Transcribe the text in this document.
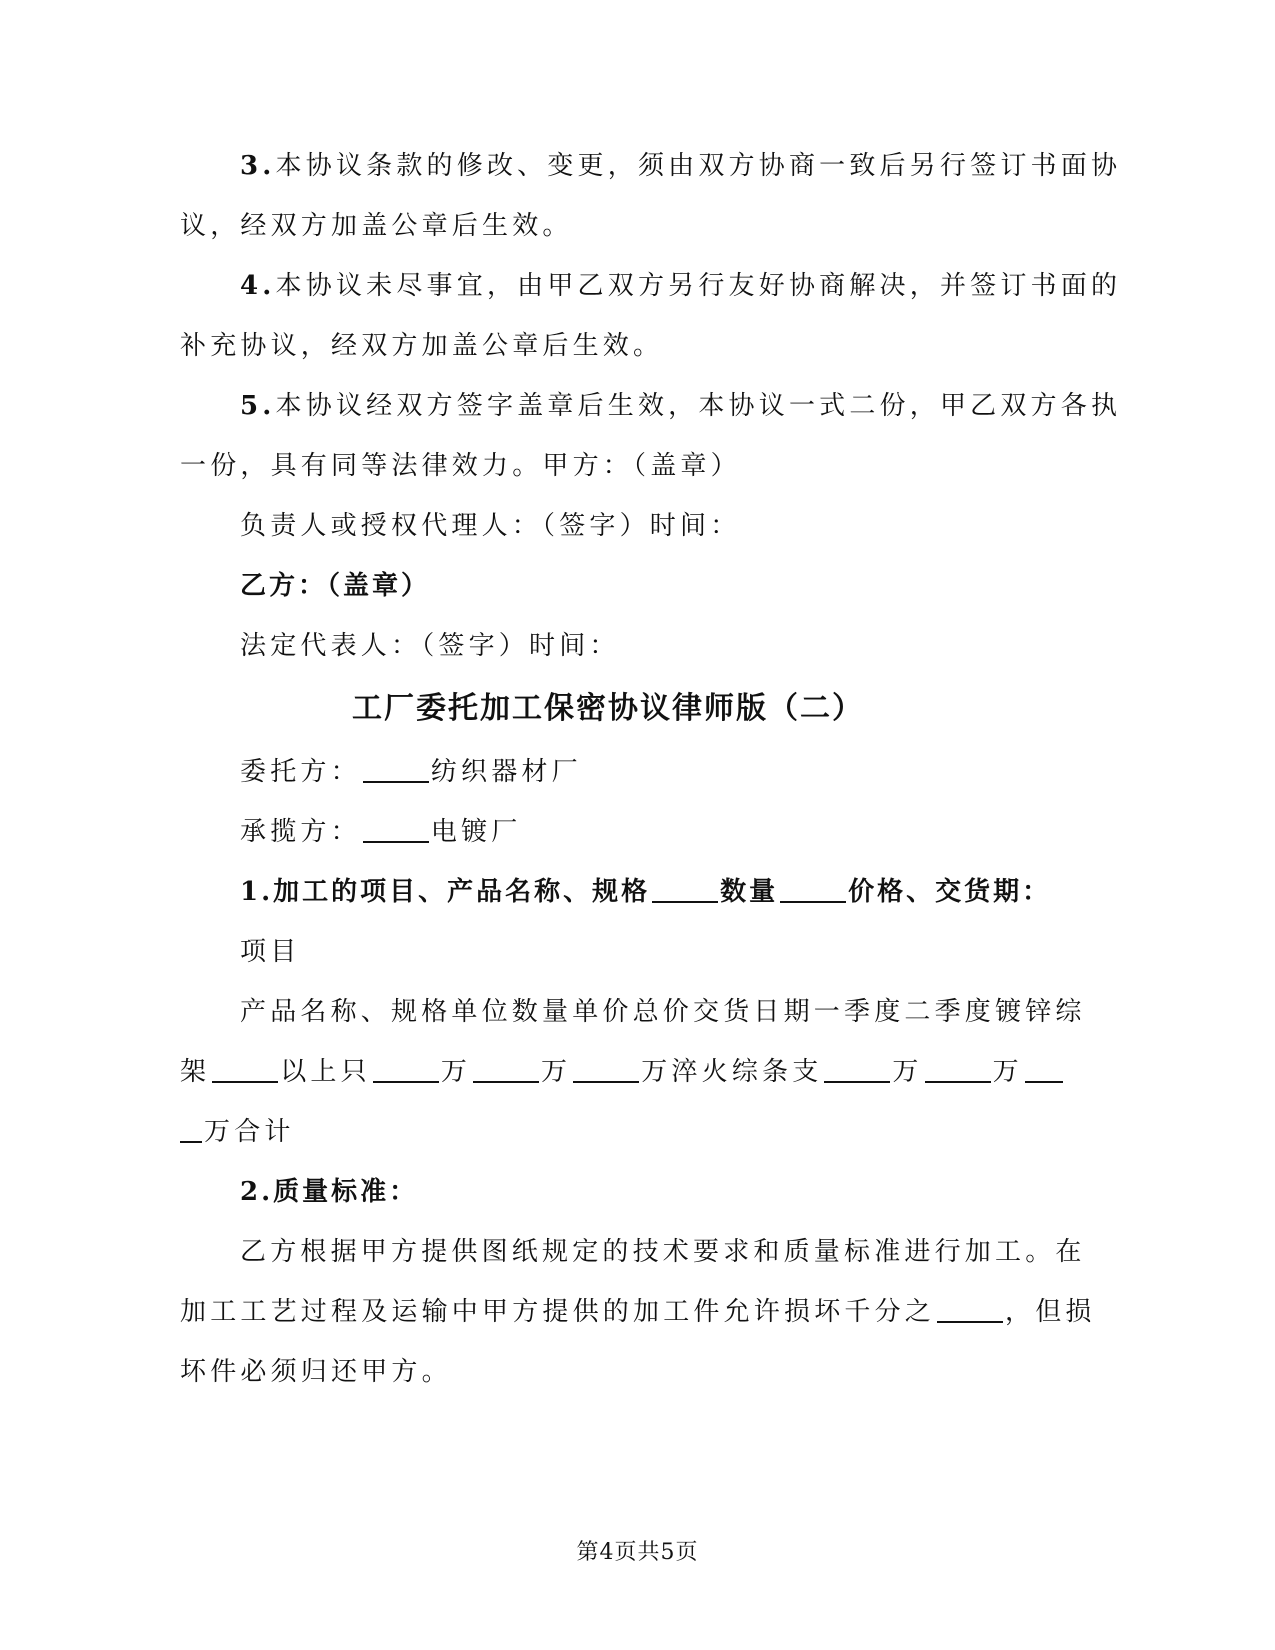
3.本协议条款的修改、变更，须由双方协商一致后另行签订书面协

议，经双方加盖公章后生效。

4.本协议未尽事宜，由甲乙双方另行友好协商解决，并签订书面的

补充协议，经双方加盖公章后生效。

5.本协议经双方签字盖章后生效，本协议一式二份，甲乙双方各执

一份，具有同等法律效力。甲方：（盖章）

负责人或授权代理人：（签字）时间：

乙方：（盖章）

法定代表人：（签字）时间：

工厂委托加工保密协议律师版（二）

委托方：	纺织器材厂

承揽方：	电镀厂

1.加工的项目、产品名称、规格	数量	价格、交货期：

项目

产品名称、规格单位数量单价总价交货日期一季度二季度镀锌综

架	以上只	万	万	万淬火综条支	万	万

万合计

2.质量标准：

乙方根据甲方提供图纸规定的技术要求和质量标准进行加工。在

加工工艺过程及运输中甲方提供的加工件允许损坏千分之	，但损

坏件必须归还甲方。

第4页共5页
